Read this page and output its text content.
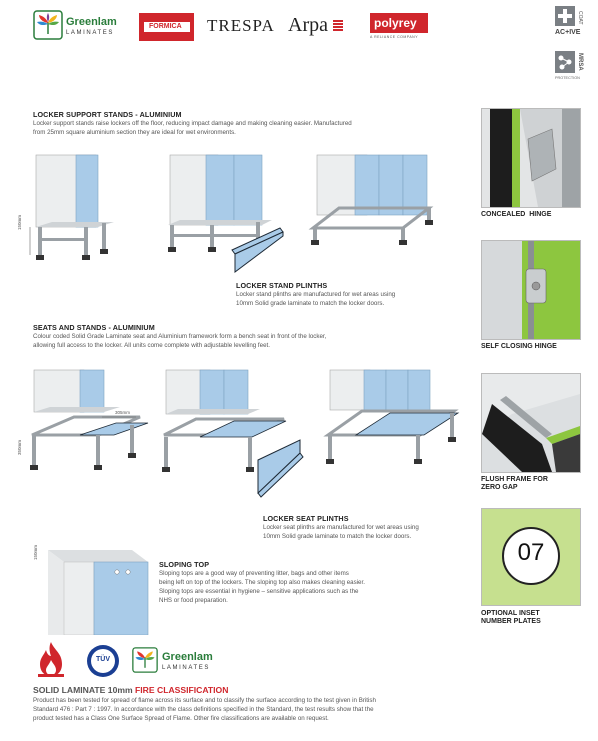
Greenlam
LAMINATES
FORMICA TRESPA Arpa	polyrey
A RELIANCE COMPANY
COAT
AC+IVE
MRSA
PROTECTION
LOCKER SUPPORT STANDS - ALUMINIUM
Locker support stands raise lockers off the floor, reducing impact damage and making cleaning easier. Manufactured
from 25mm square aluminium section they are ideal for wet environments.
150mm
LOCKER STAND PLINTHS
Locker stand plinths are manufactured for wet areas using
10mm Solid grade laminate to match the locker doors.
SEATS AND STANDS - ALUMINIUM
Colour coded Solid Grade Laminate seat and Aluminium framework form a bench seat in front of the locker,
allowing full access to the locker. All units come complete with adjustable levelling feet.
305mm
350mm
LOCKER SEAT PLINTHS
Locker seat plinths are manufactured for wet areas using
10mm Solid grade laminate to match the locker doors.
150mm
SLOPING TOP
Sloping tops are a good way of preventing litter, bags and other items
being left on top of the lockers. The sloping top also makes cleaning easier.
Sloping tops are essential in hygiene – sensitive applications such as the
NHS or food preparation.
CONCEALED  HINGE
SELF CLOSING HINGE
FLUSH FRAME FOR
ZERO GAP
07
OPTIONAL INSET
NUMBER PLATES
TÜV	Greenlam
LAMINATES
SOLID LAMINATE 10mm FIRE CLASSIFICATION
Product has been tested for spread of flame across its surface and to classify the surface according to the test given in British
Standard 476 : Part 7 : 1997. In accordance with the class definitions specified in the Standard, the test results show that the
product tested has a Class One Surface Spread of Flame. Other fire classifications are available on request.
